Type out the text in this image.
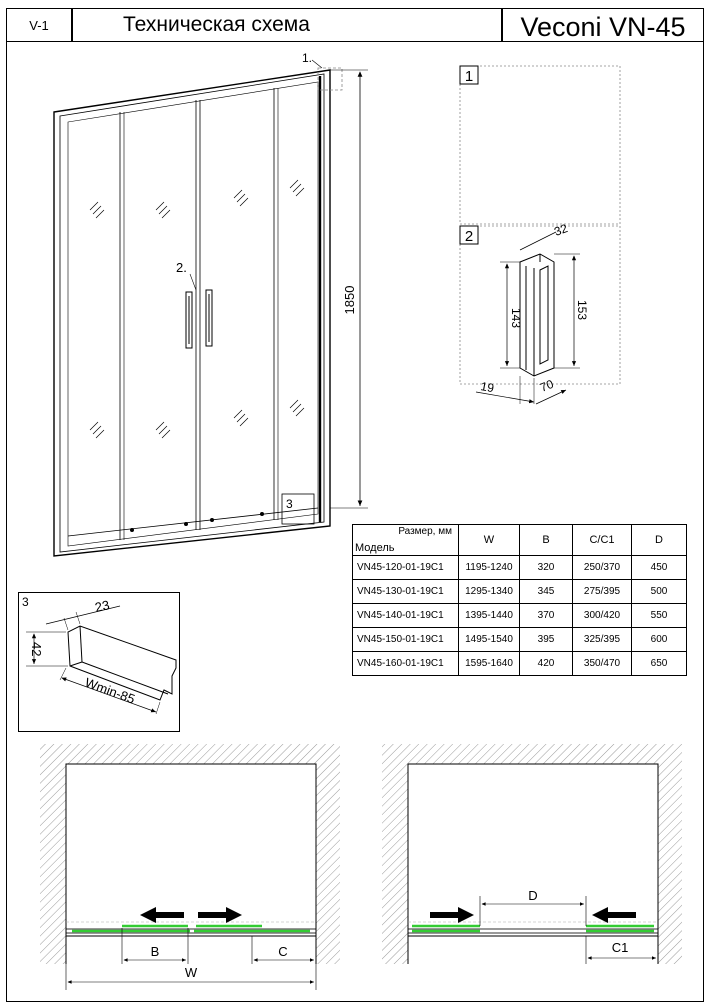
V-1	Техническая схема	Veconi VN-45
1.
2.
3
1850
1
2	32
143	153
19	70
Размер, мм
Модель	W	B	C/C1	D
VN45-120-01-19C1	1195-1240	320	250/370	450
VN45-130-01-19C1	1295-1340	345	275/395	500
VN45-140-01-19C1	1395-1440	370	300/420	550
VN45-150-01-19C1	1495-1540	395	325/395	600
VN45-160-01-19C1	1595-1640	420	350/470	650
3	23
42
Wmin-85
B	C
W
D
C1
